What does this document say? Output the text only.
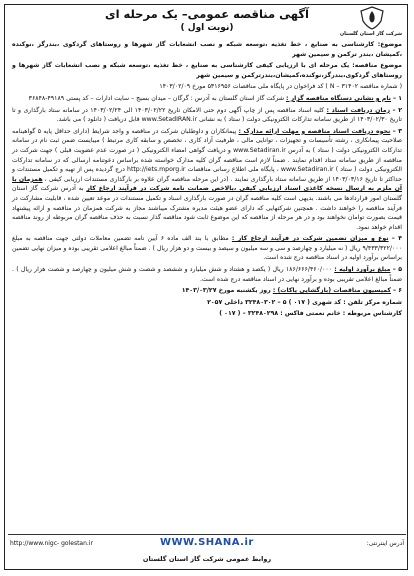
شرکت گاز استان گلستان
آگهی مناقصه عمومی– یک مرحله ای
(نوبت اول )

موضوع: کارشناسی به صنایع ، خط تغذیه ،توسعه شبکه و نصب انشعابات گاز شهرها و روستاهای گردکوی ،بندرگز ،نوکنده ،کمیشان ،بندر ترکمن و سیمین شهر

موضوع مناقصه: یک مرحله ای با ارزیابی کیفی کارشناسی به صنایع ، خط تغذیه ،توسعه شبکه و نصب انشعابات گاز شهرها و روستاهای گردکوی،بندرگز،نوکنده،کمیشان،بندرترکمن و سیمین شهر

( شماره مناقصه N – ۳۱۴۰۲ ) کد فراخوان در پایگاه ملی مناقصات ۵۳۱۶۹۵۶ مورخ ۱۴۰۳/۰۲/۰۹

۱ – نام و نشانی دستگاه مناقصه گزار : شرکت گاز استان گلستان به آدرس : گرگان – میدان بسیج – سایت ادارات – کد پستی ۴۹۱۸۹-۳۶۸۴۸

۲ – زمان دریافت اسناد : کلیه اسناد مناقصه پس از چاپ آگهی دوم حتی الامکان تاریخ ۱۴۰۳/۰۲/۲۲ الی ۱۴۰۳/۰۲/۲۴ در سامانه ستاد بارگذاری و تا تاریخ ۱۴۰۳/۰۲/۳۰ از طریق سامانه تدارکات الکترونیکی دولت ( ستاد ) به نشانی www.SetadIRAN.ir قابل دریافت ( دانلود ) می باشد.

۳ – نحوه دریافت اسناد مناقصه و مهلت ارائه مدارک : پیمانکاران و داوطلبان شرکت در مناقصه و واجد شرایط (دارای حداقل پایه ۵ گواهینامه صلاحیت پیمانکاری ، رشته تأسیسات و تجهیزات ، توانایی مالی ، ظرفیت آزاد کاری ، تخصص و سابقه کاری مرتبط ) میبایست ضمن ثبت نام در سامانه تدارکات الکترونیکی دولت ( ستاد ) به آدرس www.Setadiran.ir و دریافت گواهی امضاء الکترونیکی ( در صورت عدم عضویت قبلی ) جهت شرکت در مناقصه از طریق سامانه ستاد اقدام نمایند . ضمناً لازم است مناقصه گران کلیه مدارک خواسته شده براساس دعوتنامه ارسالی که در سامانه تدارکات الکترونیکی دولت ( ستاد ) www.Setadiran.ir ، پایگاه ملی اطلاع رسانی مناقصات http://iets.mporg.ir درج گردیده پس از تهیه و تکمیل مستندات و حداکثر تا تاریخ ۱۴۰۳/۰۳/۱۶ از طریق سامانه ستاد بارگذاری نمایند . (در این مرحله مناقصه گران علاوه بر بارگذاری مستندات ارزیابی کیفی ، همزمان با آن ملزم به ارسال نسخه کاغذی اسناد ارزیابی کیفی ،بالاخص ضمانت نامه شرکت در فرآیند ارجاع کار به آدرس شرکت گاز استان گلستان امور قراردادها می باشند. بدیهی است کلیه مناقصه گران در صورت بارگذاری اسناد و تکمیل مستندات در موعد تعیین شده ، قابلیت مشارکت در فرآیند مناقصه را خواهند داشت . همچنین شرکتهایی که دارای عضو هیئت مدیره مشترک میباشند مجاز به شرکت همزمان در مناقصه و ارائه پیشنهاد قیمت بصورت توامان نخواهند بود و در هر مرحله از مناقصه که این موضوع ثابت شود مناقصه گذار نسبت به حذف مناقصه گران مربوطه از روند مناقصه اقدام خواهد نمود.

۴ – نوع و میزان تضمین شرکت در فرآیند ارجاع کار : مطابق با بند الف ماده ۶ آیین نامه تضمین معاملات دولتی جهت مناقصه به مبلغ ۹/۴۳۳/۳۲۲/۰۰۰ ریال ( نه میلیارد و چهارصد و سی و سه میلیون و سیصد و بیست و دو هزار ریال ) . ضمناً مبالغ اعلامی تقریبی بوده و میزان نهایی تضمین براساس برآورد اولیه در اسناد مناقصه درج شده است.

۵ – مبلغ برآورد اولیه : ۱۸۶/۶۶۶/۴۶۰/۰۰۰ ریال ( یکصد و هشتاد و شش میلیارد و ششصد و شصت و شش میلیون و چهارصد و شصت هزار ریال ) . ضمناً مبالغ اعلامی تقریبی بوده و برآورد نهایی در اسناد مناقصه درج شده است.

۶ – کمیسیون مناقصات (بازگشایی پاکات) : روز یکشنبه مورخ ۱۴۰۳/۰۳/۲۷

شماره مرکز تلفن : کد شهری ( ۰۱۷ ) ۵ – ۳۲۴۸۰۳۰۲ داخلی ۲۰۵۷

کارشناس مربوطه : خانم نعمتی فاکس : ۳۲۴۸۰۲۹۸ – ( ۰۱۷ )

آدرس اینترنتی:
WWW.SHANA.ir
http://www.nigc- golestan.ir
روابط عمومی شرکت گاز استان گلستان
